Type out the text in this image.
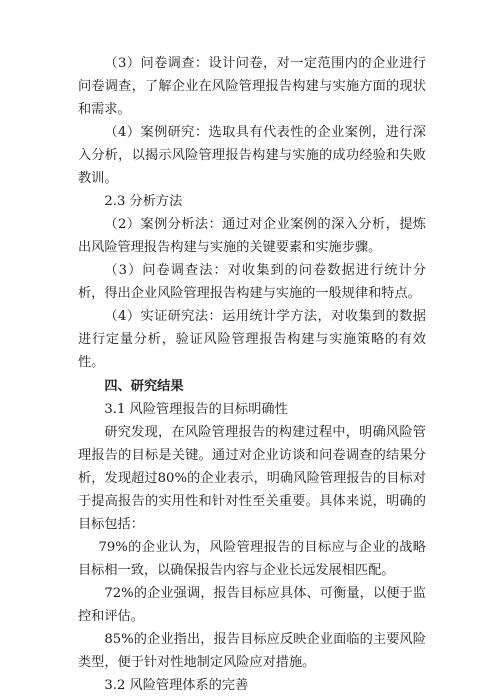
（3）问卷调查：设计问卷，对一定范围内的企业进行问卷调查，了解企业在风险管理报告构建与实施方面的现状和需求。

（4）案例研究：选取具有代表性的企业案例，进行深入分析，以揭示风险管理报告构建与实施的成功经验和失败教训。

2.3 分析方法

（2）案例分析法：通过对企业案例的深入分析，提炼出风险管理报告构建与实施的关键要素和实施步骤。

（3）问卷调查法：对收集到的问卷数据进行统计分析，得出企业风险管理报告构建与实施的一般规律和特点。

（4）实证研究法：运用统计学方法，对收集到的数据进行定量分析，验证风险管理报告构建与实施策略的有效性。

四、研究结果

3.1 风险管理报告的目标明确性

研究发现，在风险管理报告的构建过程中，明确风险管理报告的目标是关键。通过对企业访谈和问卷调查的结果分析，发现超过80%的企业表示，明确风险管理报告的目标对于提高报告的实用性和针对性至关重要。具体来说，明确的目标包括：

79%的企业认为，风险管理报告的目标应与企业的战略目标相一致，以确保报告内容与企业长远发展相匹配。

72%的企业强调，报告目标应具体、可衡量，以便于监控和评估。

85%的企业指出，报告目标应反映企业面临的主要风险类型，便于针对性地制定风险应对措施。

3.2 风险管理体系的完善
